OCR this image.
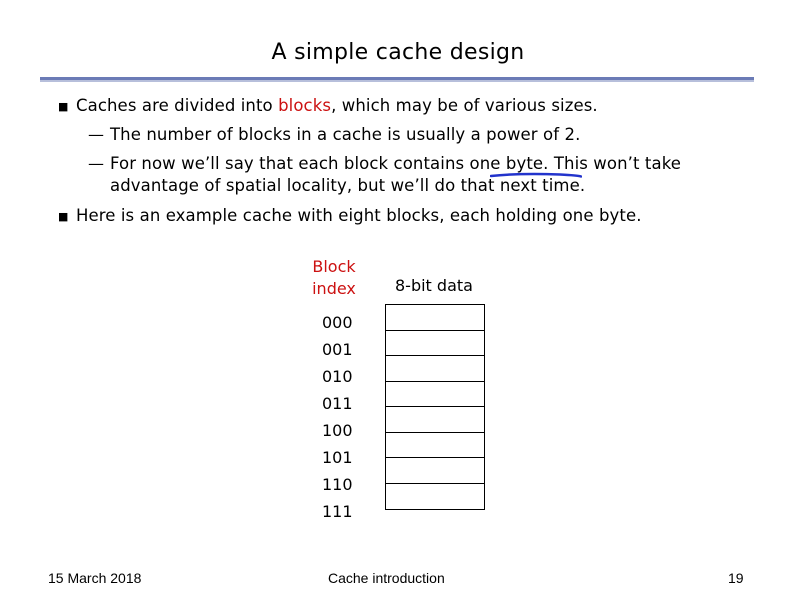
A simple cache design
■ Caches are divided into blocks, which may be of various sizes.
— The number of blocks in a cache is usually a power of 2.
— For now we’ll say that each block contains one byte. This won’t take
advantage of spatial locality, but we’ll do that next time.
■ Here is an example cache with eight blocks, each holding one byte.
Block
index	8-bit data
000
001
010
011
100
101
110
111
15 March 2018	Cache introduction	19
